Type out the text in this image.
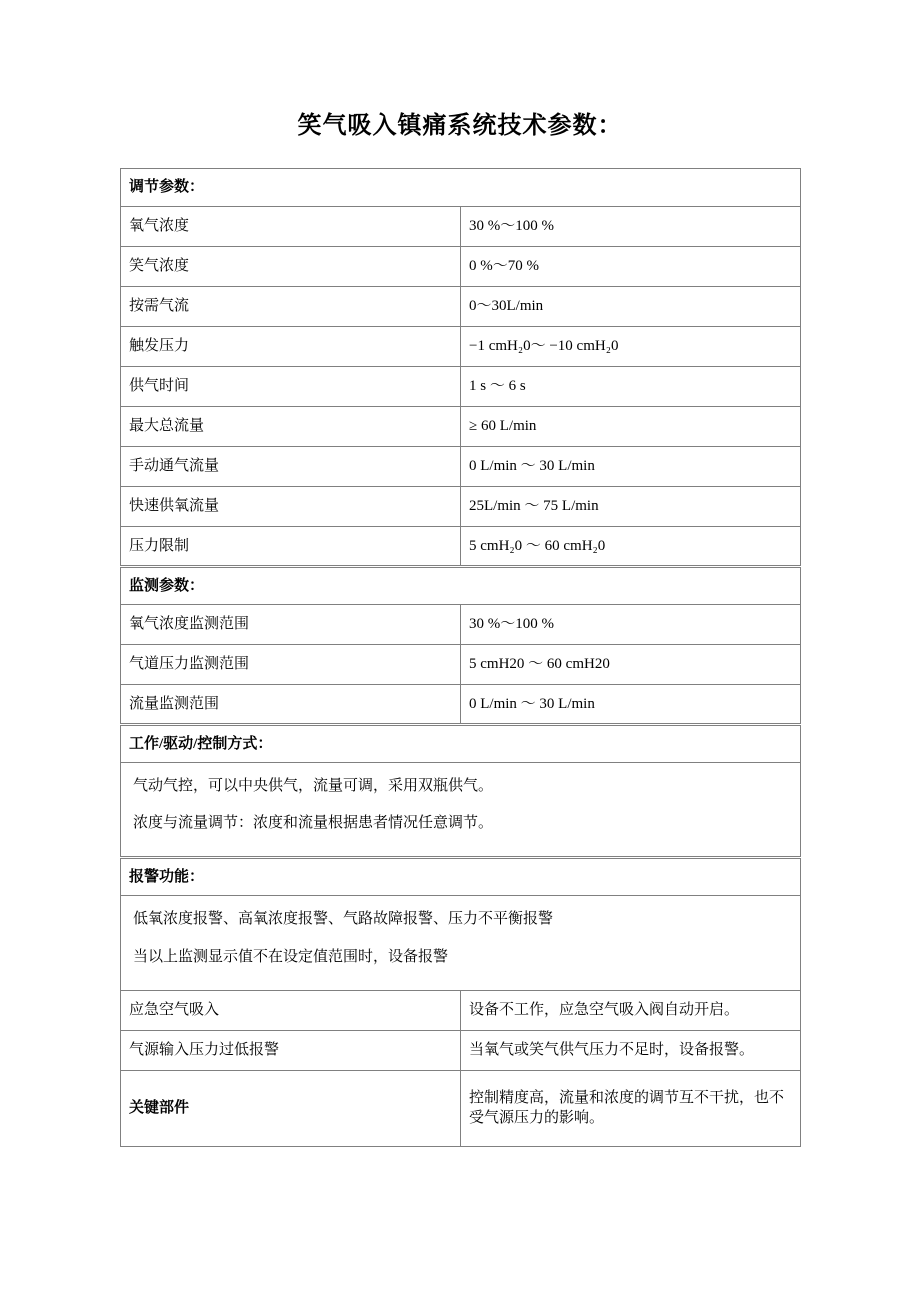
笑气吸入镇痛系统技术参数：
调节参数：	
氧气浓度	30 %～100 %
笑气浓度	0 %～70 %
按需气流	0～30L/min
触发压力	−1 cmH₂0～ −10 cmH₂0
供气时间	1 s ～ 6 s
最大总流量	≥ 60 L/min
手动通气流量	0 L/min ～ 30 L/min
快速供氧流量	25L/min ～ 75 L/min
压力限制	5 cmH₂0 ～ 60 cmH₂0
监测参数：	
氧气浓度监测范围	30 %～100 %
气道压力监测范围	5 cmH20 ～ 60 cmH20
流量监测范围	0 L/min ～ 30 L/min
工作/驱动/控制方式：	

气动气控，可以中央供气，流量可调，采用双瓶供气。

浓度与流量调节：浓度和流量根据患者情况任意调节。	

报警功能：	

低氧浓度报警、高氧浓度报警、气路故障报警、压力不平衡报警

当以上监测显示值不在设定值范围时，设备报警	

应急空气吸入	设备不工作，应急空气吸入阀自动开启。
气源输入压力过低报警	当氧气或笑气供气压力不足时，设备报警。
关键部件	控制精度高，流量和浓度的调节互不干扰，也不受气源压力的影响。
